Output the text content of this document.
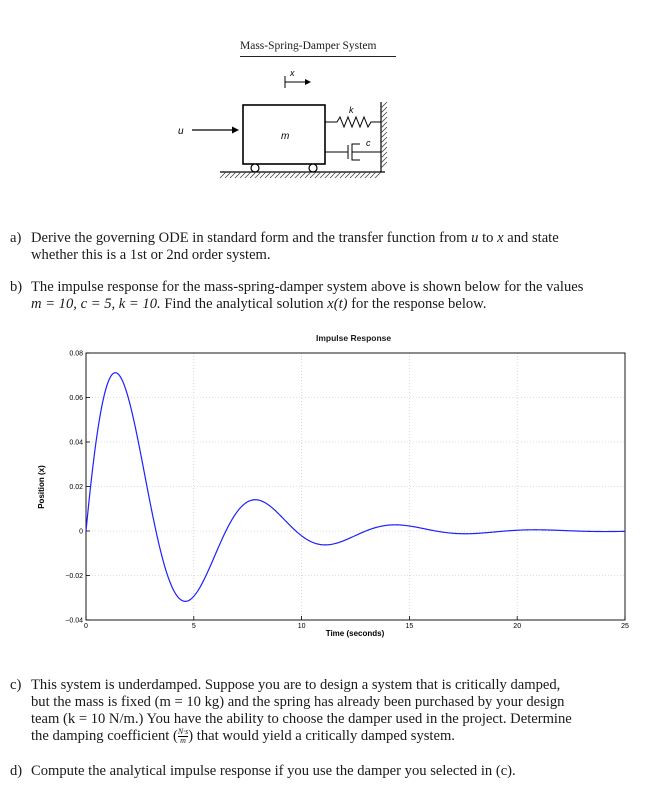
Mass-Spring-Damper System
x
u	m
k
c
a) Derive the governing ODE in standard form and the transfer function from u to x and state
whether this is a 1st or 2nd order system.
b) The impulse response for the mass-spring-damper system above is shown below for the values
m = 10, c = 5, k = 10. Find the analytical solution x(t) for the response below.
Impulse Response
0	5	10	15	20	25
−0.04
−0.02
0
0.02
0.04
0.06
0.08
Time (seconds)
Position (x)
c) This system is underdamped. Suppose you are to design a system that is critically damped,
but the mass is fixed (m = 10 kg) and the spring has already been purchased by your design
team (k = 10 N/m.) You have the ability to choose the damper used in the project. Determine
the damping coefficient ( $\frac{N\cdot s}{m}$ ) that would yield a critically damped system.
d) Compute the analytical impulse response if you use the damper you selected in (c).
